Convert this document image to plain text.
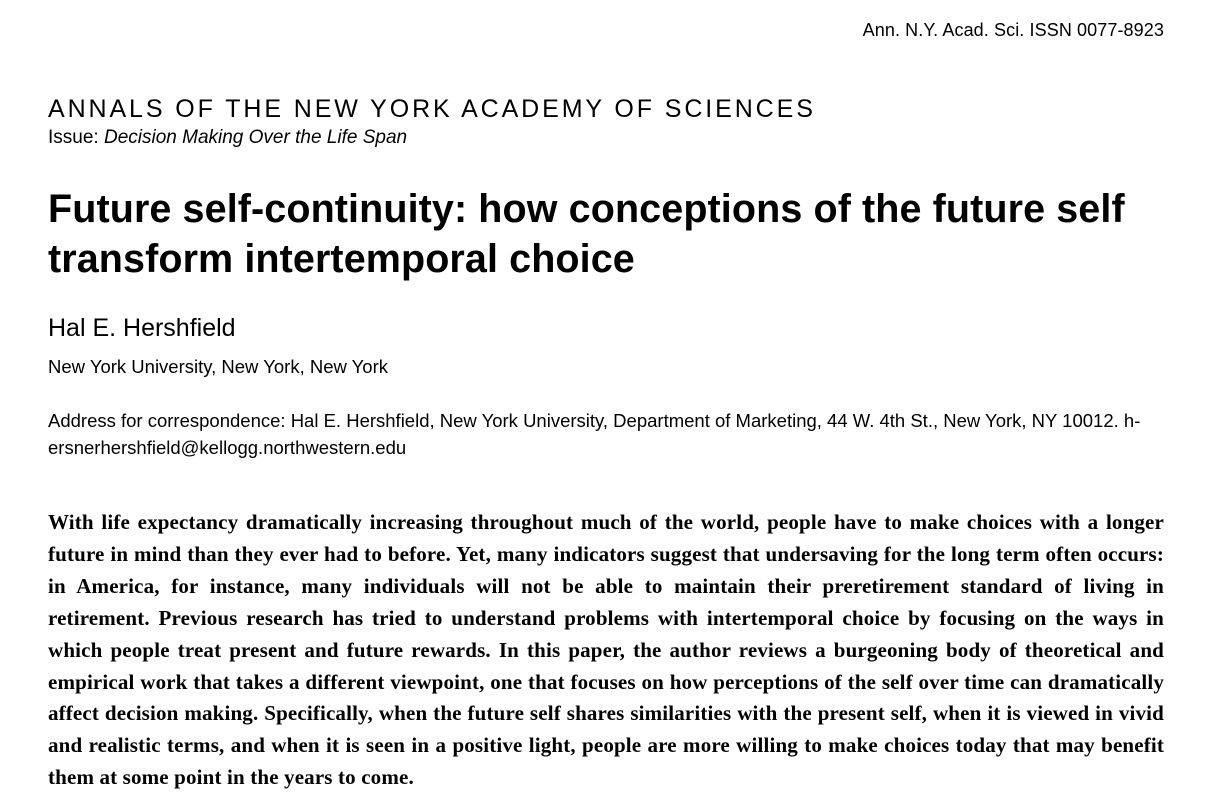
Ann. N.Y. Acad. Sci. ISSN 0077-8923
ANNALS OF THE NEW YORK ACADEMY OF SCIENCES
Issue: Decision Making Over the Life Span
Future self-continuity: how conceptions of the future self transform intertemporal choice
Hal E. Hershfield
New York University, New York, New York
Address for correspondence: Hal E. Hershfield, New York University, Department of Marketing, 44 W. 4th St., New York, NY 10012. h-ersnerhershfield@kellogg.northwestern.edu

With life expectancy dramatically increasing throughout much of the world, people have to make choices with a longer future in mind than they ever had to before. Yet, many indicators suggest that undersaving for the long term often occurs: in America, for instance, many individuals will not be able to maintain their preretirement standard of living in retirement. Previous research has tried to understand problems with intertemporal choice by focusing on the ways in which people treat present and future rewards. In this paper, the author reviews a burgeoning body of theoretical and empirical work that takes a different viewpoint, one that focuses on how perceptions of the self over time can dramatically affect decision making. Specifically, when the future self shares similarities with the present self, when it is viewed in vivid and realistic terms, and when it is seen in a positive light, people are more willing to make choices today that may benefit them at some point in the years to come.
